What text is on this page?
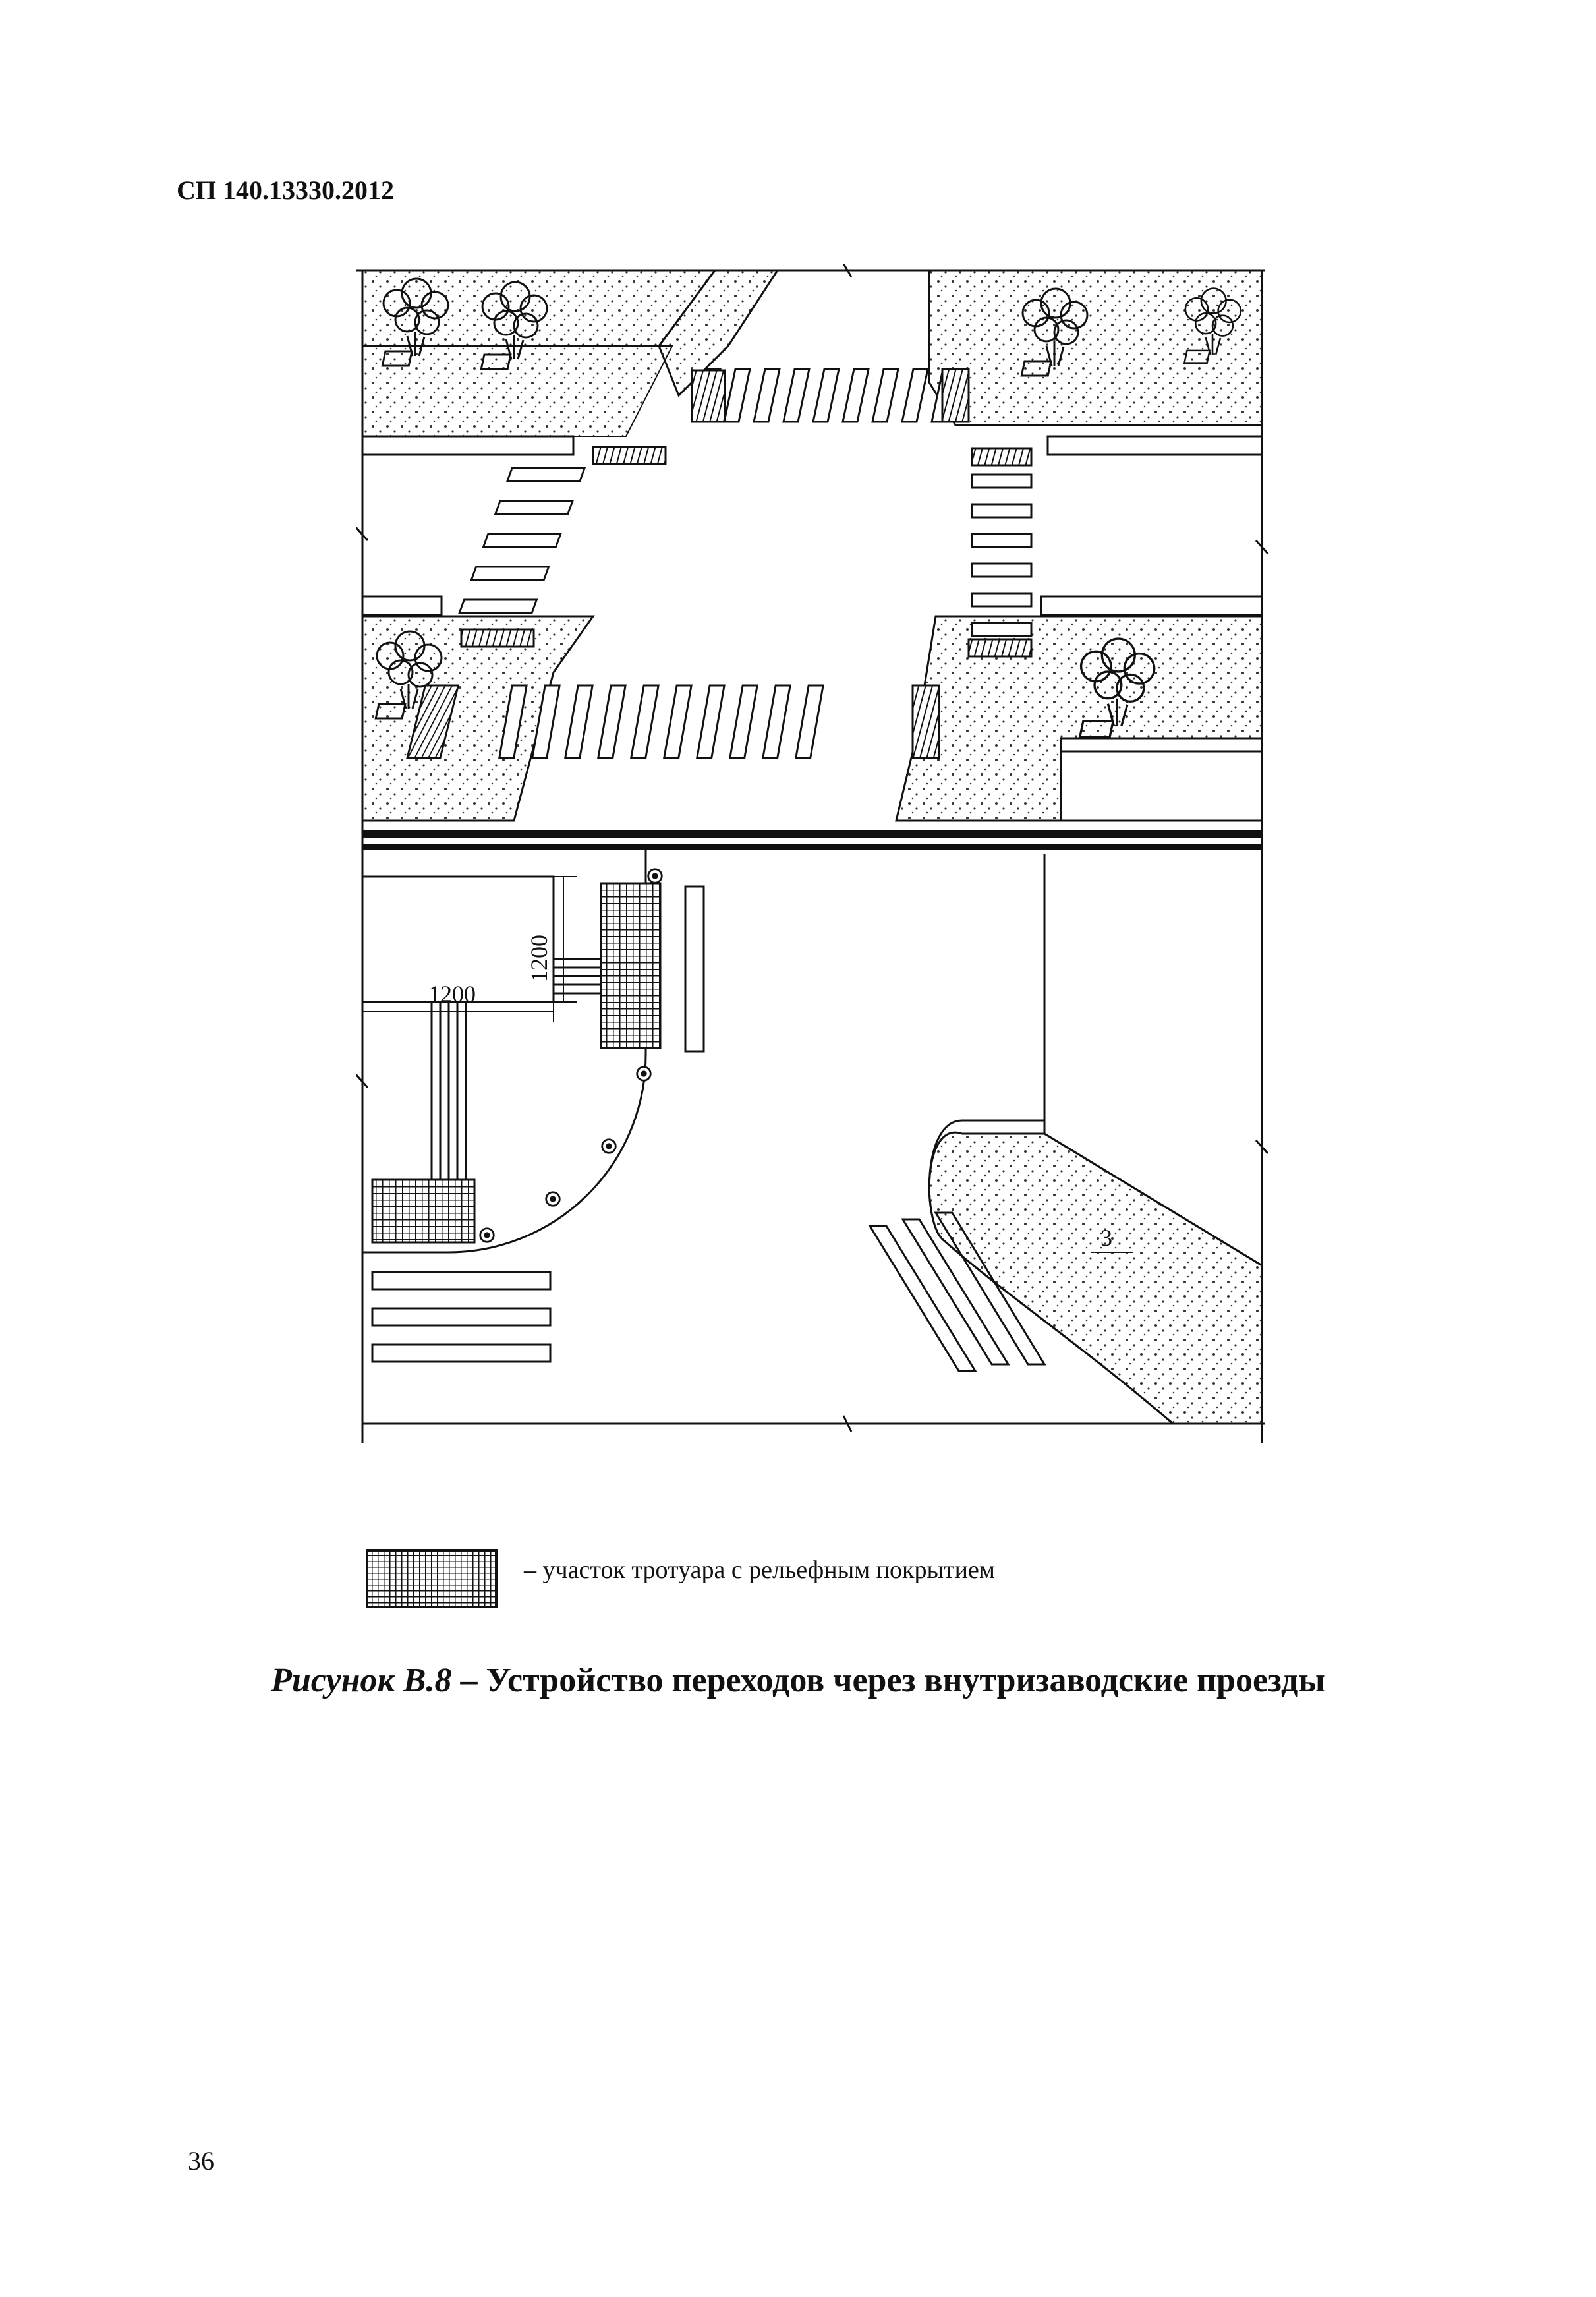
СП 140.13330.2012
1200
1200
3
– участок тротуара с рельефным покрытием
Рисунок В.8 – Устройство переходов через внутризаводские проезды
36
